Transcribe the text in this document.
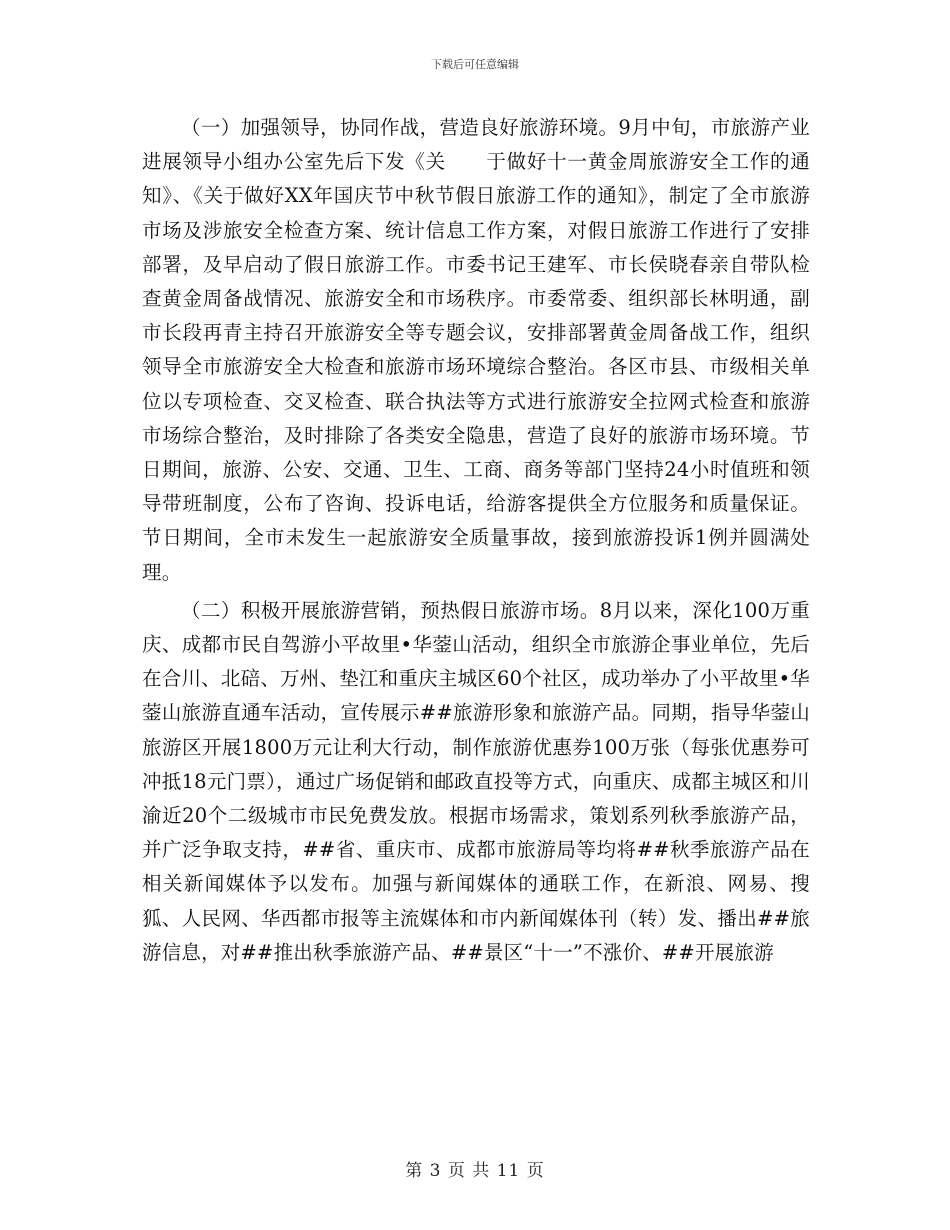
下载后可任意编辑

（一）加强领导，协同作战，营造良好旅游环境。9月中旬，市旅游产业进展领导小组办公室先后下发《关　　于做好十一黄金周旅游安全工作的通知》、《关于做好XX年国庆节中秋节假日旅游工作的通知》，制定了全市旅游市场及涉旅安全检查方案、统计信息工作方案，对假日旅游工作进行了安排部署，及早启动了假日旅游工作。市委书记王建军、市长侯晓春亲自带队检查黄金周备战情况、旅游安全和市场秩序。市委常委、组织部长林明通，副市长段再青主持召开旅游安全等专题会议，安排部署黄金周备战工作，组织领导全市旅游安全大检查和旅游市场环境综合整治。各区市县、市级相关单位以专项检查、交叉检查、联合执法等方式进行旅游安全拉网式检查和旅游市场综合整治，及时排除了各类安全隐患，营造了良好的旅游市场环境。节日期间，旅游、公安、交通、卫生、工商、商务等部门坚持24小时值班和领导带班制度，公布了咨询、投诉电话，给游客提供全方位服务和质量保证。节日期间，全市未发生一起旅游安全质量事故，接到旅游投诉1例并圆满处理。

（二）积极开展旅游营销，预热假日旅游市场。8月以来，深化100万重庆、成都市民自驾游小平故里•华蓥山活动，组织全市旅游企事业单位，先后在合川、北碚、万州、垫江和重庆主城区60个社区，成功举办了小平故里•华蓥山旅游直通车活动，宣传展示##旅游形象和旅游产品。同期，指导华蓥山旅游区开展1800万元让利大行动，制作旅游优惠券100万张（每张优惠券可冲抵18元门票），通过广场促销和邮政直投等方式，向重庆、成都主城区和川渝近20个二级城市市民免费发放。根据市场需求，策划系列秋季旅游产品，并广泛争取支持，##省、重庆市、成都市旅游局等均将##秋季旅游产品在相关新闻媒体予以发布。加强与新闻媒体的通联工作，在新浪、网易、搜狐、人民网、华西都市报等主流媒体和市内新闻媒体刊（转）发、播出##旅游信息，对##推出秋季旅游产品、##景区“十一”不涨价、##开展旅游

第 3 页 共 11 页
